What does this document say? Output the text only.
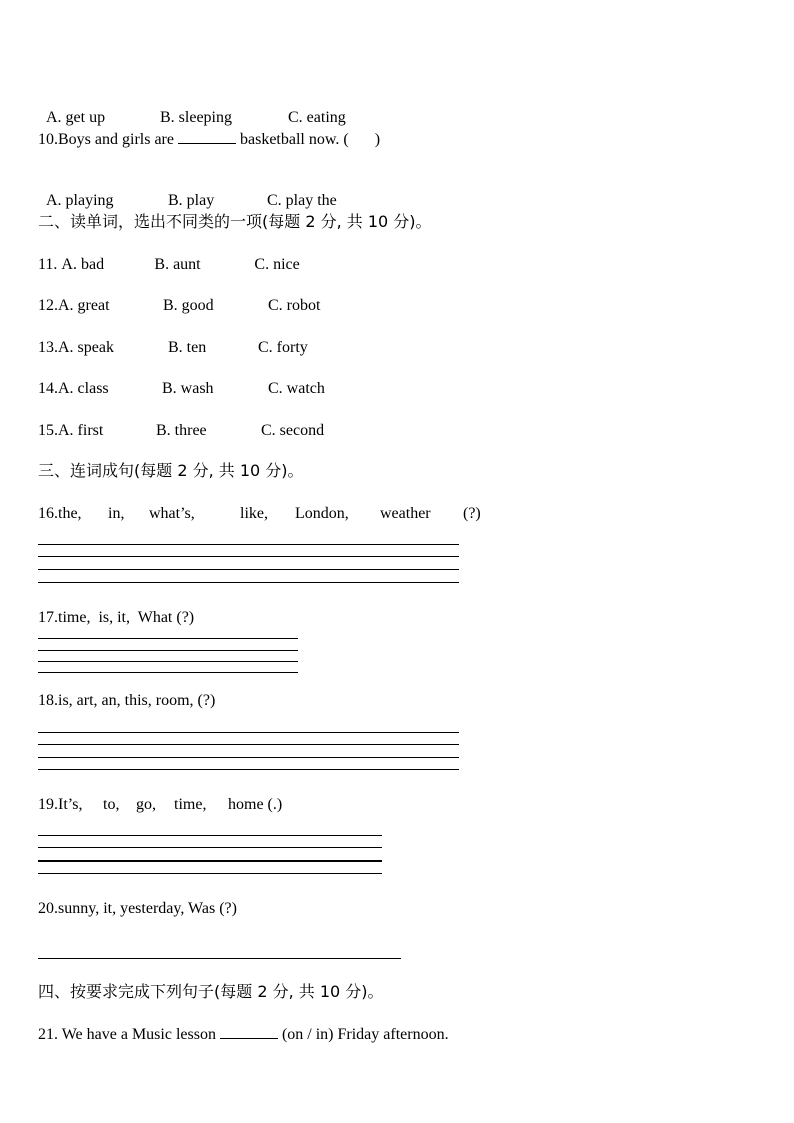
A. get up	B. sleeping	C. eating

10.Boys and girls are	basketball now. ( )

A. playing	B. play	C. play the

二、读单词，选出不同类的一项(每题 2 分, 共 10 分)。
11. A. bad	B. aunt	C. nice
12.A. great	B. good	C. robot
13.A. speak	B. ten	C. forty
14.A. class	B. wash	C. watch
15.A. first	B. three	C. second
三、连词成句(每题 2 分, 共 10 分)。
16.the, in, what’s,	like, London, weather (?)
17.time,  is, it,  What (?)
18.is, art, an, this, room, (?)
19.It’s, to, go, time, home (.)
20.sunny, it, yesterday, Was (?)
四、按要求完成下列句子(每题 2 分, 共 10 分)。
21. We have a Music lesson	(on / in) Friday afternoon.
